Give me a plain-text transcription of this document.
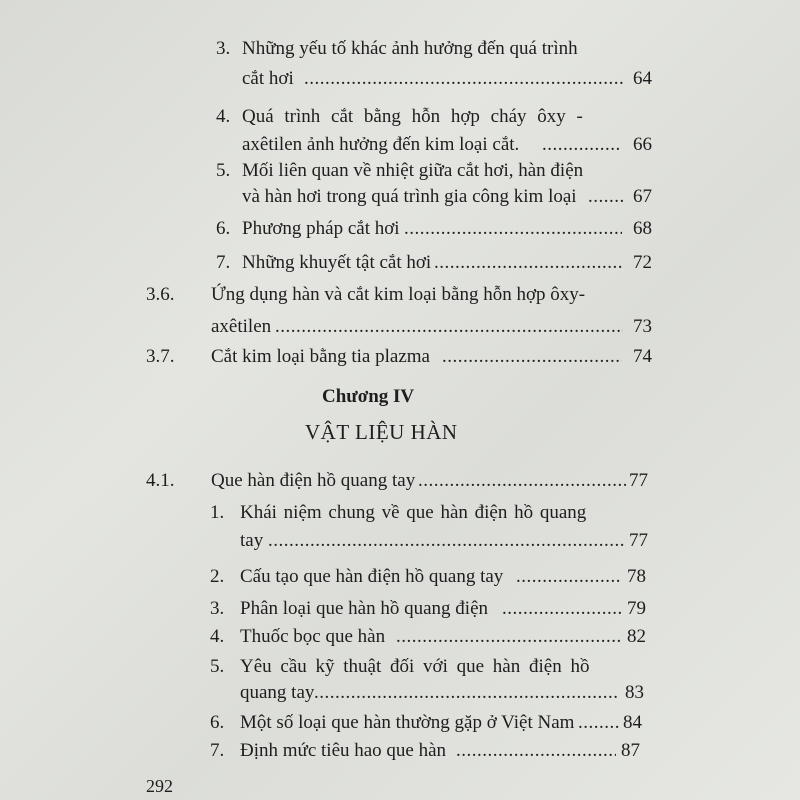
3. Những yếu tố khác ảnh hưởng đến quá trình
cắt hơi .....	64
4. Quá trình cắt bằng hỗn hợp cháy ôxy -
axêtilen ảnh hưởng đến kim loại cắt. .....	66
5. Mối liên quan về nhiệt giữa cắt hơi, hàn điện
và hàn hơi trong quá trình gia công kim loại .....	67
6. Phương pháp cắt hơi .....	68
7. Những khuyết tật cắt hơi .....	72
3.6. Ứng dụng hàn và cắt kim loại bằng hỗn hợp ôxy-
axêtilen .....	73
3.7. Cắt kim loại bằng tia plazma .....	74
Chương IV
VẬT LIỆU HÀN
4.1. Que hàn điện hồ quang tay .....	77
1. Khái niệm chung về que hàn điện hồ quang
tay .....	77
2. Cấu tạo que hàn điện hồ quang tay .....	78
3. Phân loại que hàn hồ quang điện .....	79
4. Thuốc bọc que hàn .....	82
5. Yêu cầu kỹ thuật đối với que hàn điện hồ
quang tay .....	83
6. Một số loại que hàn thường gặp ở Việt Nam .....	84
7. Định mức tiêu hao que hàn .....	87
292
